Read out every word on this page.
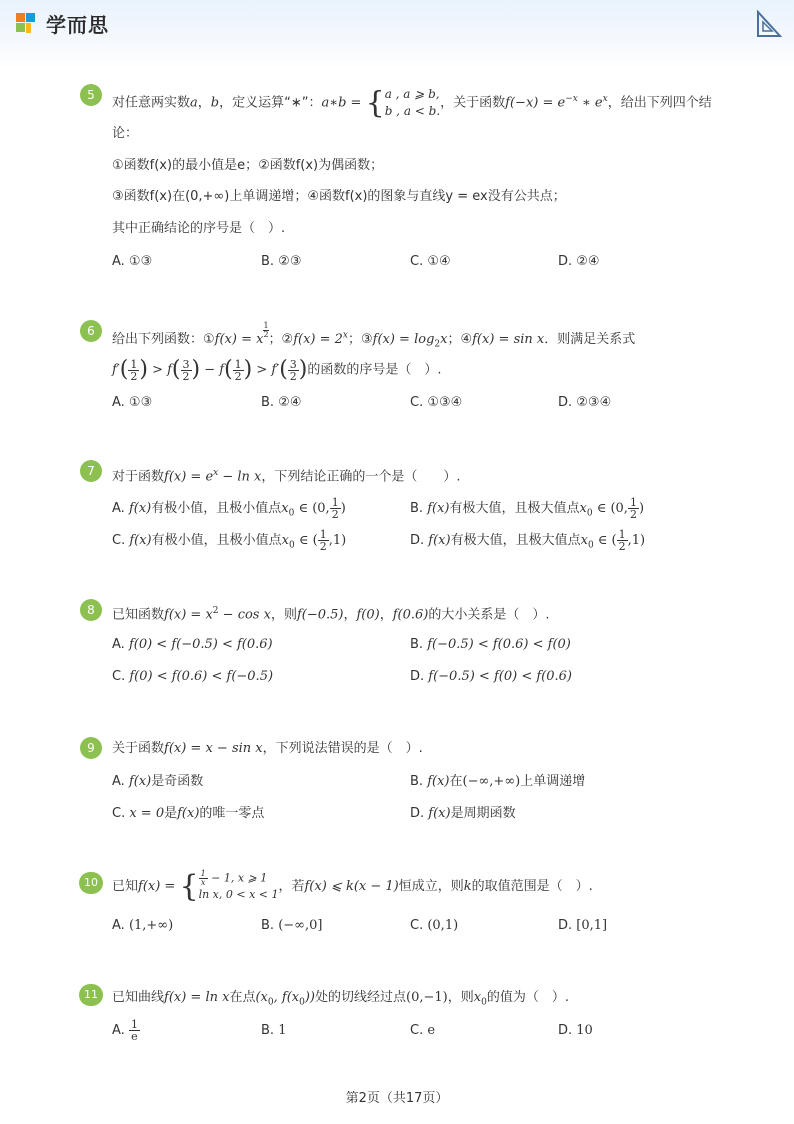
学而思
5
对任意两实数a，b，定义运算“∗”：a∗b = { a , a ⩾ b,
b , a < b.
，关于函数$f(-x) = e^{-x}$ ∗ $e^x$，给出下列四个结
论：
①函数f(x)的最小值是e；②函数f(x)为偶函数；
③函数f(x)在(0,+∞)上单调递增；④函数f(x)的图象与直线y = ex没有公共点；
其中正确结论的序号是（　）.
A. ①③	B. ②③	C. ①④	D. ②④
6
给出下列函数：①f(x) = x
$^{\frac{1}{2}}$
；②f(x) = $2^x$；③f(x) = $\log_2x$；④f(x) = sin x．则满足关系式
$f'( \frac{1}{2}$ ) > $f( \frac{3}{2}$ ) − $f( \frac{1}{2}$ ) > $f'( \frac{3}{2}$ )的函数的序号是（　）.
A. ①③	B. ②④	C. ①③④	D. ②③④
7	对于函数$f(x) = e^x - \ln x$，下列结论正确的一个是（　　）.
A. f(x)有极小值，且极小值点$x_0$ ∈ (0, $\frac{1}{2}$ )	B. f(x)有极大值，且极大值点$x_0$ ∈ (0, $\frac{1}{2}$ )
C. f(x)有极小值，且极小值点$x_0$ ∈ ( $\frac{1}{2} ,1$)	D. f(x)有极大值，且极大值点$x_0$ ∈ ( $\frac{1}{2} ,1$)
8	已知函数$f(x) = x^2 - \cos x$，则f(−0.5)，f(0)，f(0.6)的大小关系是（　）.
A. f(0) < f(−0.5) < f(0.6)	B. f(−0.5) < f(0.6) < f(0)
C. f(0) < f(0.6) < f(−0.5)	D. f(−0.5) < f(0) < f(0.6)
9	关于函数f(x) = x − sin x，下列说法错误的是（　）.
A. f(x)是奇函数	B. f(x)在(−∞,+∞)上单调递增
C. x = 0是f(x)的唯一零点	D. f(x)是周期函数
10	已知f(x) = { $\frac{1}{x} - 1$, x ⩾ 1
ln x, 0 < x < 1
，若f(x) ⩽ k(x − 1)恒成立，则k的取值范围是（　）.
A. (1,+∞)	B. (−∞,0]	C. (0,1)	D. [0,1]
11	已知曲线f(x) = ln x在点($x_0$, $f(x_0)$)处的切线经过点(0,−1)，则$x_0$的值为（　）.
A. $\frac{1}{e}$	B. 1	C. e	D. 10
第2页（共17页）
